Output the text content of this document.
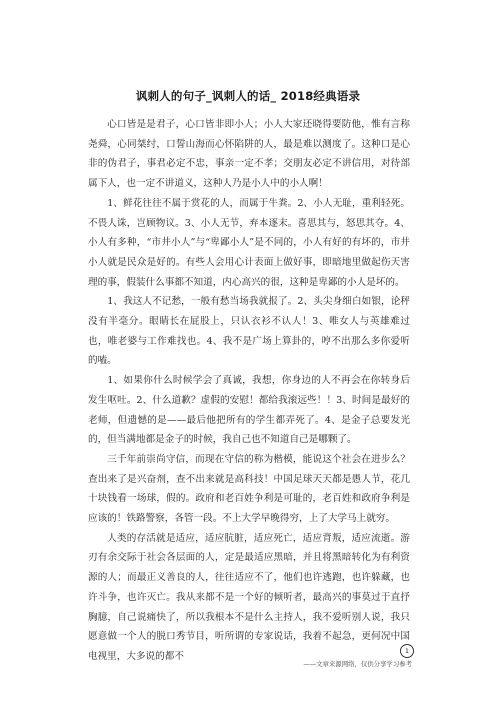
讽刺人的句子_讽刺人的话_ 2018经典语录

心口皆是是君子，心口皆非即小人；小人大家还晓得要防他，惟有言称尧舜，心同桀纣，口誓山海而心怀陷阱的人，最是难以测度了。这种口是心非的伪君子，事君必定不忠，事亲一定不孝；交朋友必定不讲信用，对待部属下人，也一定不讲道义，这种人乃是小人中的小人啊！

1、鲜花往往不属于赏花的人，而属于牛粪。2、小人无耻，重利轻死。不畏人诛，岂顾物议。3、小人无节，弃本逐末。喜思其与，怒思其夺。4、小人有多种，“市井小人”与“卑鄙小人”是不同的，小人有好的有坏的，市井小人就是民众是好的。有些人会用心计表面上做好事，即暗地里做起伤天害理的事，假装什么事都不知道，内心高兴的很，这种是卑鄙的小人是坏的。

1、我这人不记愁，一般有愁当场我就报了。2、头尖身细白如银，论秤没有半毫分。眼睛长在屁股上，只认衣衫不认人！3、唯女人与英雄难过也，唯老婆与工作难找也。4、我不是广场上算卦的，哼不出那么多你爱听的嗑。

1、如果你什么时候学会了真诚，我想，你身边的人不再会在你转身后发生呕吐。2、什么道歉？虚假的安慰！都给我滚远些！！3、时间是最好的老师，但遗憾的是——最后他把所有的学生都弄死了。4、是金子总要发光的，但当满地都是金子的时候，我自己也不知道自己是哪颗了。

三千年前崇尚守信，而现在守信的称为楷模，能说这个社会在进步么？查出来了是兴奋剂，查不出来就是高科技！中国足球天天都是愚人节，花几十块钱看一场球，假的。政府和老百姓争利是可耻的，老百姓和政府争利是应该的！铁路警察，各管一段。不上大学早晚得穷，上了大学马上就穷。

人类的存活就是适应，适应肮脏，适应死亡，适应背叛，适应流逝。游刃有余交际于社会各层面的人，定是最适应黑暗，并且将黑暗转化为有利资源的人；而最正义善良的人，往往适应不了，他们也许逃跑，也许躲藏，也许斗争，也许灭亡。我从来都不是一个好的倾听者，最高兴的事莫过于直抒胸臆，自己说痛快了，所以我根本不是什么主持人，我不爱听别人说，我只愿意做一个人的脱口秀节目，听所谓的专家说话，我着不起急，更何况中国电视里，大多说的都不	1
——文章来源网络，仅供分享学习参考
